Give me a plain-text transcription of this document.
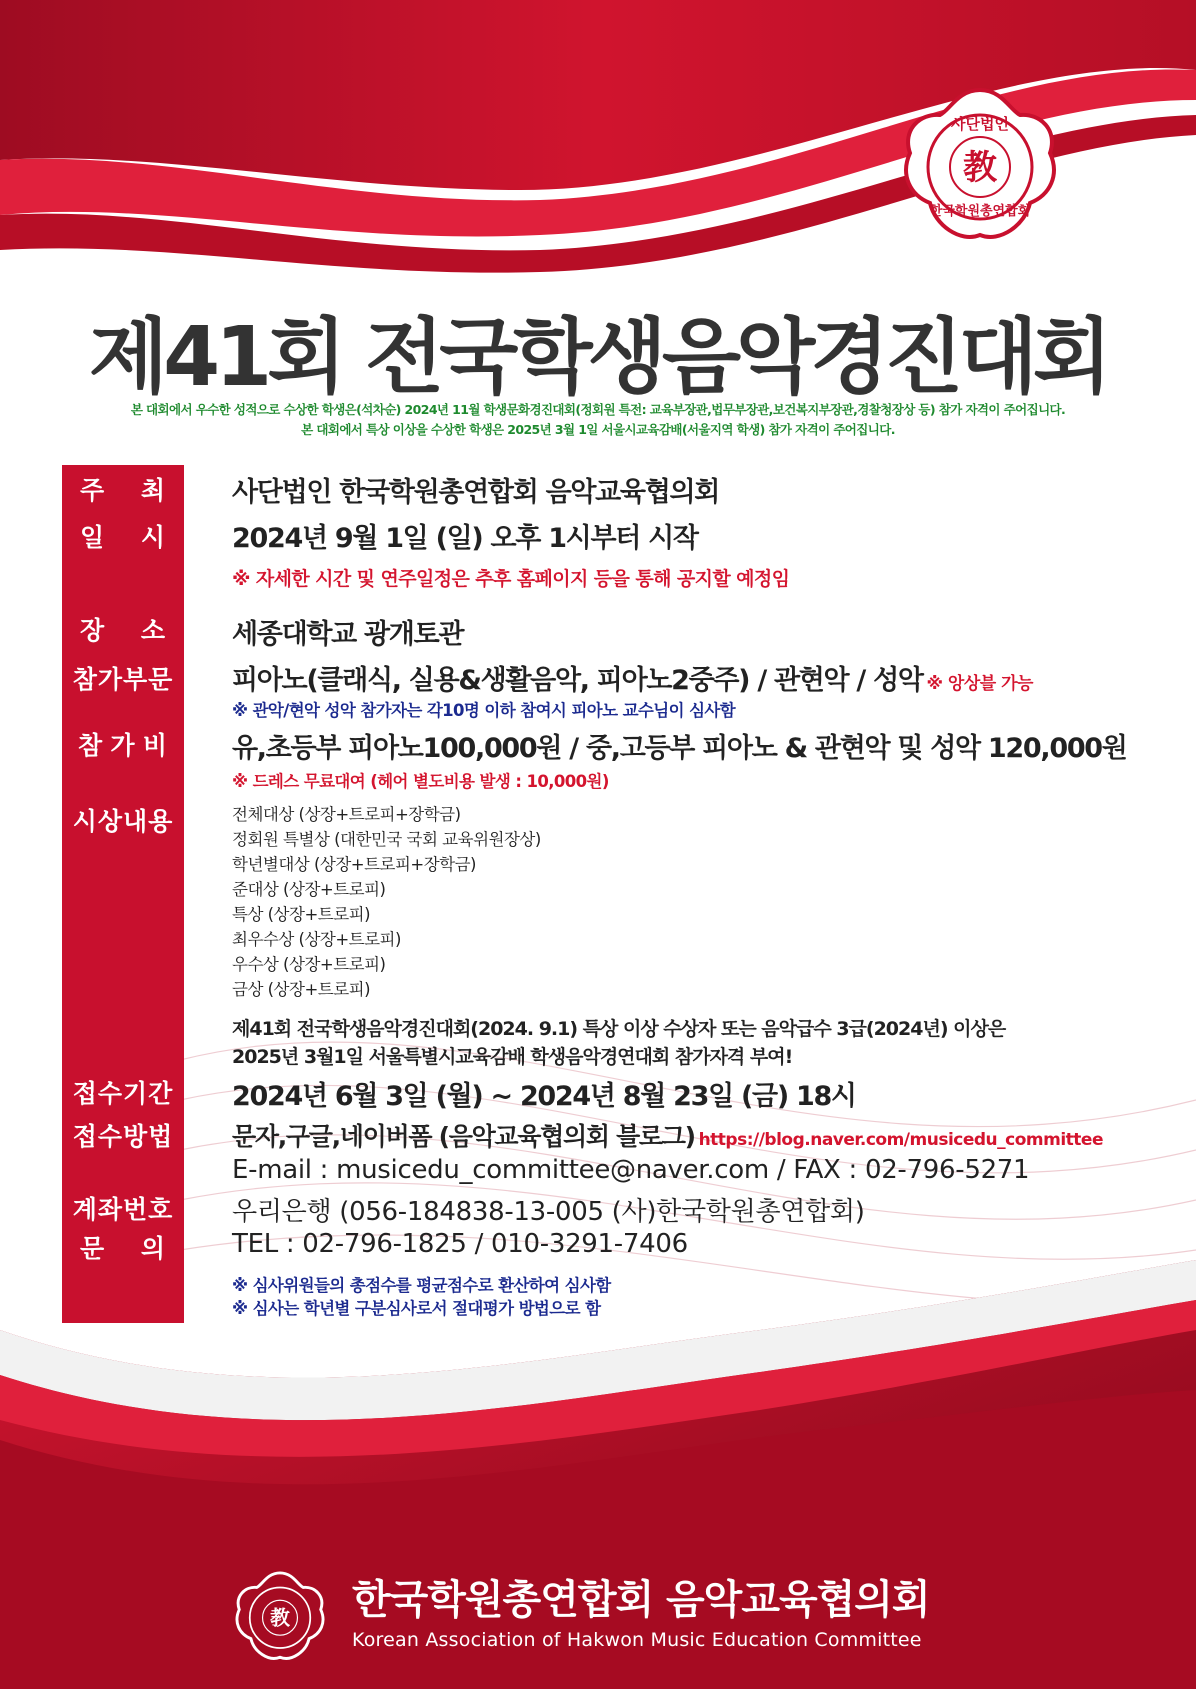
教
사단법인
한국학원총연합회
제41회 전국학생음악경진대회
본 대회에서 우수한 성적으로 수상한 학생은(석차순) 2024년 11월 학생문화경진대회(정회원 특전: 교육부장관,법무부장관,보건복지부장관,경찰청장상 등) 참가 자격이 주어집니다.
본 대회에서 특상 이상을 수상한 학생은 2025년 3월 1일 서울시교육감배(서울지역 학생) 참가 자격이 주어집니다.
주 최
일 시
장 소
참가부문
참 가 비
시상내용
접수기간
접수방법
계좌번호
문 의
사단법인 한국학원총연합회 음악교육협의회
2024년 9월 1일 (일) 오후 1시부터 시작
※ 자세한 시간 및 연주일정은 추후 홈페이지 등을 통해 공지할 예정임
세종대학교 광개토관
피아노(클래식, 실용&생활음악, 피아노2중주) / 관현악 / 성악 ※ 앙상블 가능
※ 관악/현악 성악 참가자는 각10명 이하 참여시 피아노 교수님이 심사함
유,초등부 피아노100,000원 / 중,고등부 피아노 & 관현악 및 성악 120,000원
※ 드레스 무료대여 (헤어 별도비용 발생 : 10,000원)
전체대상 (상장+트로피+장학금)
정회원 특별상 (대한민국 국회 교육위원장상)
학년별대상 (상장+트로피+장학금)
준대상 (상장+트로피)
특상 (상장+트로피)
최우수상 (상장+트로피)
우수상 (상장+트로피)
금상 (상장+트로피)
제41회 전국학생음악경진대회(2024. 9.1) 특상 이상 수상자 또는 음악급수 3급(2024년) 이상은
2025년 3월1일 서울특별시교육감배 학생음악경연대회 참가자격 부여!
2024년 6월 3일 (월) ~ 2024년 8월 23일 (금) 18시
문자,구글,네이버폼 (음악교육협의회 블로그) https://blog.naver.com/musicedu_committee
E-mail : musicedu_committee@naver.com / FAX : 02-796-5271
우리은행 (056-184838-13-005 (사)한국학원총연합회)
TEL : 02-796-1825 / 010-3291-7406
※ 심사위원들의 총점수를 평균점수로 환산하여 심사함
※ 심사는 학년별 구분심사로서 절대평가 방법으로 함
教 한국학원총연합회 음악교육협의회
Korean Association of Hakwon Music Education Committee
